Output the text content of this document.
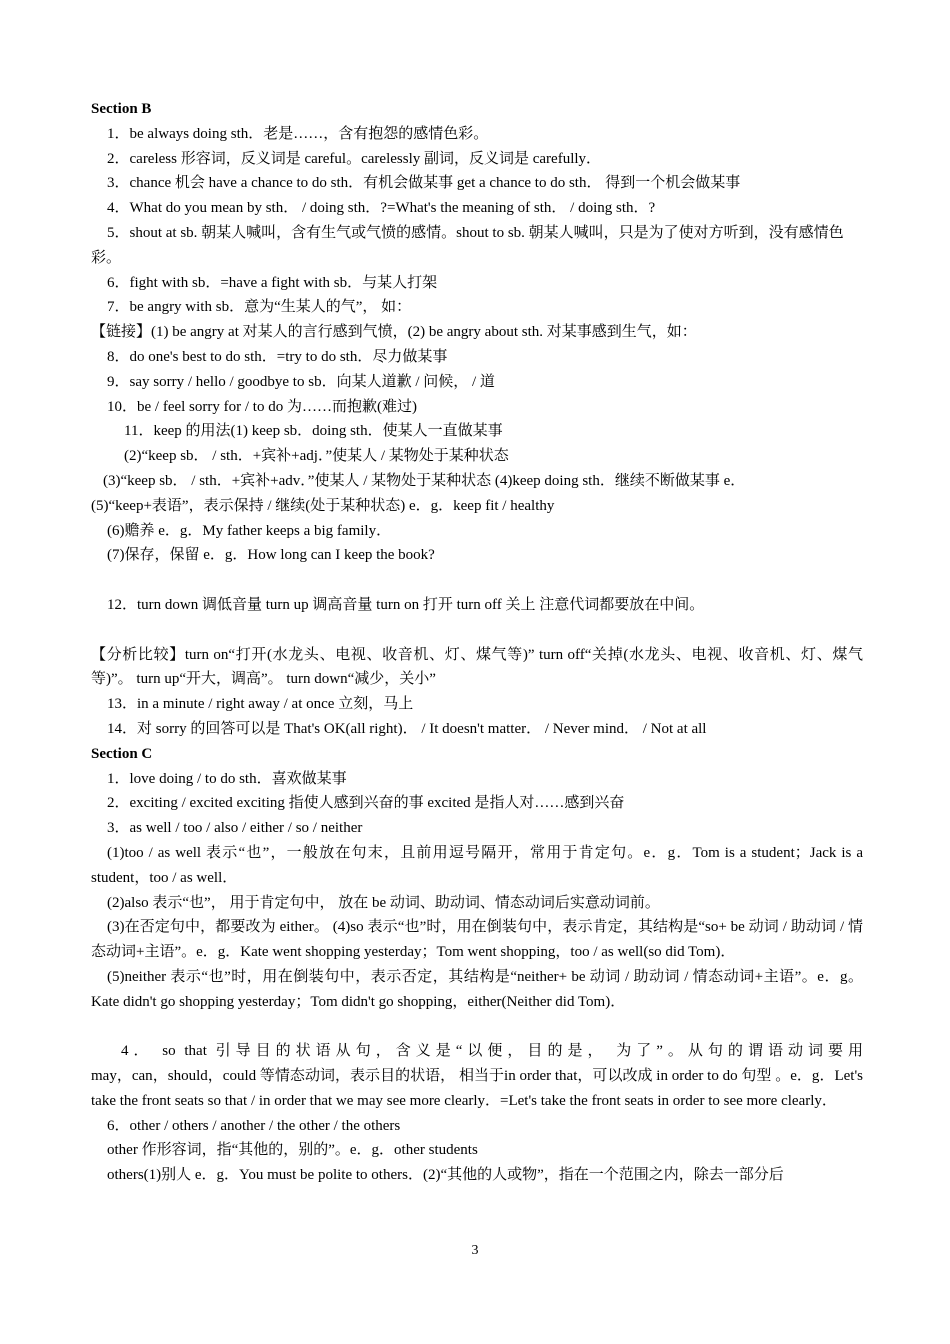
Section B
1．be always doing sth．老是……，含有抱怨的感情色彩。
2．careless 形容词，反义词是 careful。carelessly 副词，反义词是 carefully．
3．chance 机会 have a chance to do sth．有机会做某事 get a chance to do sth． 得到一个机会做某事
4．What do you mean by sth． / doing sth．?=What's the meaning of sth． / doing sth．?
5．shout at sb. 朝某人喊叫，含有生气或气愤的感情。shout to sb. 朝某人喊叫，只是为了使对方听到，没有感情色彩。
6．fight with sb．=have a fight with sb．与某人打架
7．be angry with sb．意为“生某人的气”， 如：
【链接】(1) be angry at 对某人的言行感到气愤，(2) be angry about sth. 对某事感到生气，如：
8．do one's best to do sth．=try to do sth．尽力做某事
9．say sorry / hello / goodbye to sb．向某人道歉 / 问候， / 道
10．be / feel sorry for / to do 为……而抱歉(难过)
11．keep 的用法(1) keep sb．doing sth．使某人一直做某事
(2)“keep sb． / sth．+宾补+adj．”使某人 / 某物处于某种状态
(3)“keep sb． / sth．+宾补+adv．”使某人 / 某物处于某种状态 (4)keep doing sth．继续不断做某事 e．
(5)“keep+表语”，表示保持 / 继续(处于某种状态) e．g．keep fit / healthy
(6)赡养 e．g．My father keeps a big family．
(7)保存，保留 e．g．How long can I keep the book?
12．turn down 调低音量 turn up 调高音量 turn on 打开 turn off 关上 注意代词都要放在中间。
【分析比较】turn on“打开(水龙头、电视、收音机、灯、煤气等)” turn off“关掉(水龙头、电视、收音机、灯、煤气等)”。 turn up“开大，调高”。 turn down“减少，关小”
13．in a minute / right away / at once 立刻，马上
14．对 sorry 的回答可以是 That's OK(all right)． / It doesn't matter． / Never mind． / Not at all
Section C
1．love doing / to do sth．喜欢做某事
2．exciting / excited exciting 指使人感到兴奋的事 excited 是指人对……感到兴奋
3．as well / too / also / either / so / neither
(1)too / as well 表示“也”，一般放在句末，且前用逗号隔开，常用于肯定句。e．g．Tom is a student；Jack is a student，too / as well．
(2)also 表示“也”， 用于肯定句中， 放在 be 动词、助动词、情态动词后实意动词前。
(3)在否定句中，都要改为 either。 (4)so 表示“也”时，用在倒装句中，表示肯定，其结构是“so+ be 动词 / 助动词 / 情态动词+主语”。e．g．Kate went shopping yesterday；Tom went shopping，too / as well(so did Tom)．
(5)neither 表示“也”时，用在倒装句中，表示否定，其结构是“neither+ be 动词 / 助动词 / 情态动词+主语”。e．g。Kate didn't go shopping yesterday；Tom didn't go shopping，either(Neither did Tom)．
4． so that 引导目的状语从句，含义是“以便，目的是， 为了”。从句的谓语动词要用
may，can，should，could 等情态动词，表示目的状语， 相当于in order that，可以改成 in order to do 句型 。e．g．Let's take the front seats so that / in order that we may see more clearly．=Let's take the front seats in order to see more clearly．
6．other / others / another / the other / the others
other 作形容词，指“其他的，别的”。e．g．other students
others(1)别人 e．g．You must be polite to others．(2)“其他的人或物”，指在一个范围之内，除去一部分后
3
